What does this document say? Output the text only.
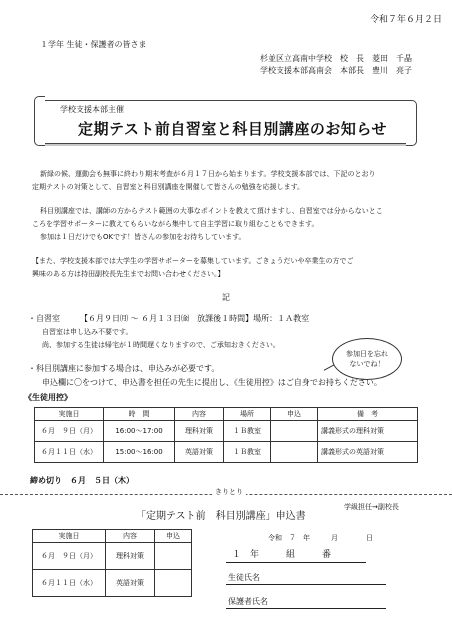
令和７年６月２日
１学年 生徒・保護者の皆さま
杉並区立高南中学校　校　長　菱田　千晶
学校支援本部高南会　本部長　豊川　亮子
学校支援本部主催
定期テスト前自習室と科目別講座のお知らせ
新緑の候、運動会も無事に終わり期末考査が６月１７日から始まります。学校支援本部では、下記のとおり
定期テストの対策として、自習室と科目別講座を開催して皆さんの勉強を応援します。
科目別講座では、講師の方からテスト範囲の大事なポイントを教えて頂けますし、自習室では分からないとこ
ころを学習サポーターに教えてもらいながら集中して自主学習に取り組むこともできます。
参加は１日だけでもOKです！皆さんの参加をお待ちしています。
【また、学校支援本部では大学生の学習サポーターを募集しています。ごきょうだいや卒業生の方でご
興味のある方は持田副校長先生までお問い合わせください。】
記
・自習室	【６月９日㈪ 〜 ６月１３日㈮　放課後１時間】場所：１Ａ教室
自習室は申し込み不要です。
尚、参加する生徒は帰宅が１時間遅くなりますので、ご承知おきください。
参加日を忘れ
ないでね！
・科目別講座に参加する場合は、申込みが必要です。
申込欄に〇をつけて、申込書を担任の先生に提出し、《生徒用控》はご自身でお持ちください。
《生徒用控》
実施日	時　間	内容	場所	申込	備　考
６月　９日（月）	16:00〜17:00	理科対策	１Ｂ教室		講義形式の理科対策
６月１１日（水）	15:00〜16:00	英語対策	１Ｂ教室		講義形式の英語対策
締め切り　６月　５日（木）
きりとり
学級担任→副校長
「定期テスト前　科目別講座」申込書
令和　７　年　　　月　　　　日
実施日	内容	申込
６月　９日（月）	理科対策	
６月１１日（水）	英語対策	
１　年　　　組　　　番
生徒氏名
保護者氏名
